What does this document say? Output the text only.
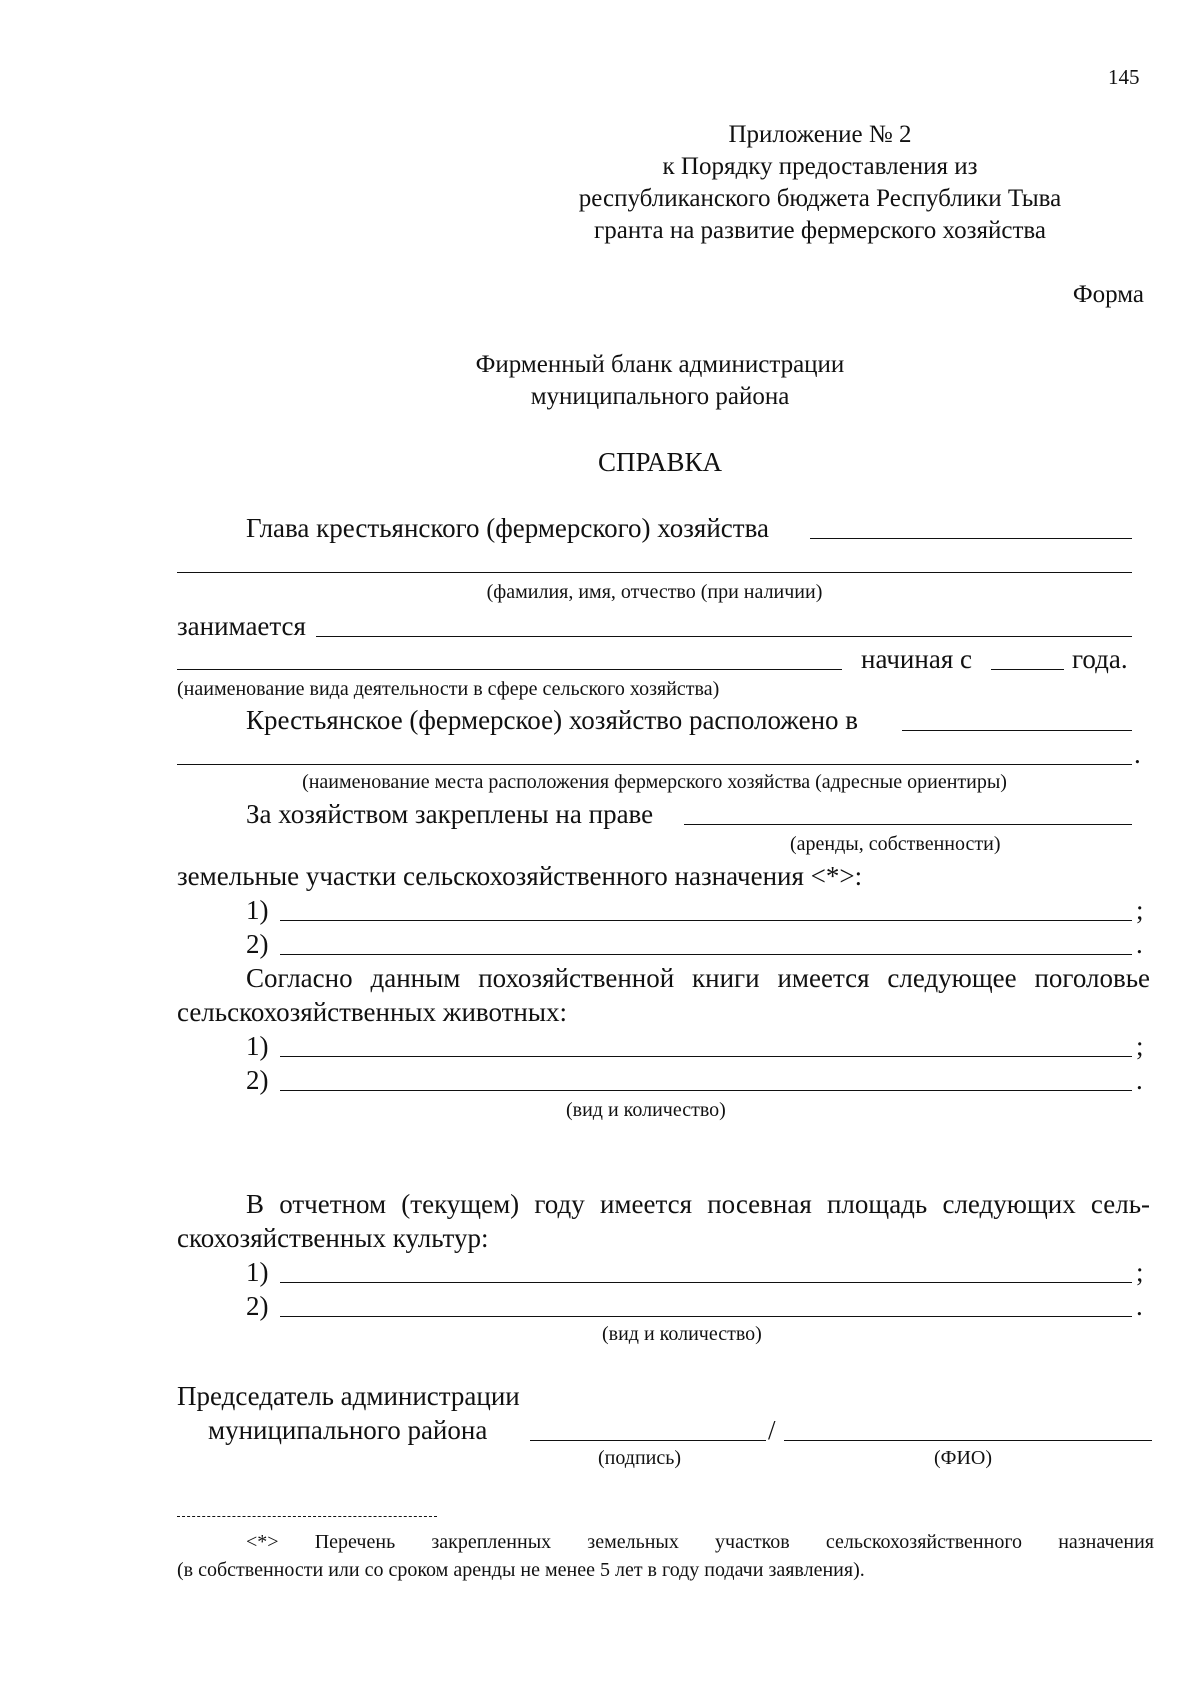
145
Приложение № 2
к Порядку предоставления из
республиканского бюджета Республики Тыва
гранта на развитие фермерского хозяйства
Форма
Фирменный бланк администрации
муниципального района
СПРАВКА
Глава крестьянского (фермерского) хозяйства
(фамилия, имя, отчество (при наличии)
занимается
начиная с	года.
(наименование вида деятельности в сфере сельского хозяйства)
Крестьянское (фермерское) хозяйство расположено в
.
(наименование места расположения фермерского хозяйства (адресные ориентиры)
За хозяйством закреплены на праве
(аренды, собственности)
земельные участки сельскохозяйственного назначения <*>:
1)	;
2)	.
Согласно данным похозяйственной книги имеется следующее поголовье
сельскохозяйственных животных:
1)	;
2)	.
(вид и количество)
В отчетном (текущем) году имеется посевная площадь следующих сель-
скохозяйственных культур:
1)	;
2)	.
(вид и количество)
Председатель администрации
муниципального района	/
(подпись)	(ФИО)
<*> Перечень закрепленных земельных участков сельскохозяйственного назначения
(в собственности или со сроком аренды не менее 5 лет в году подачи заявления).
